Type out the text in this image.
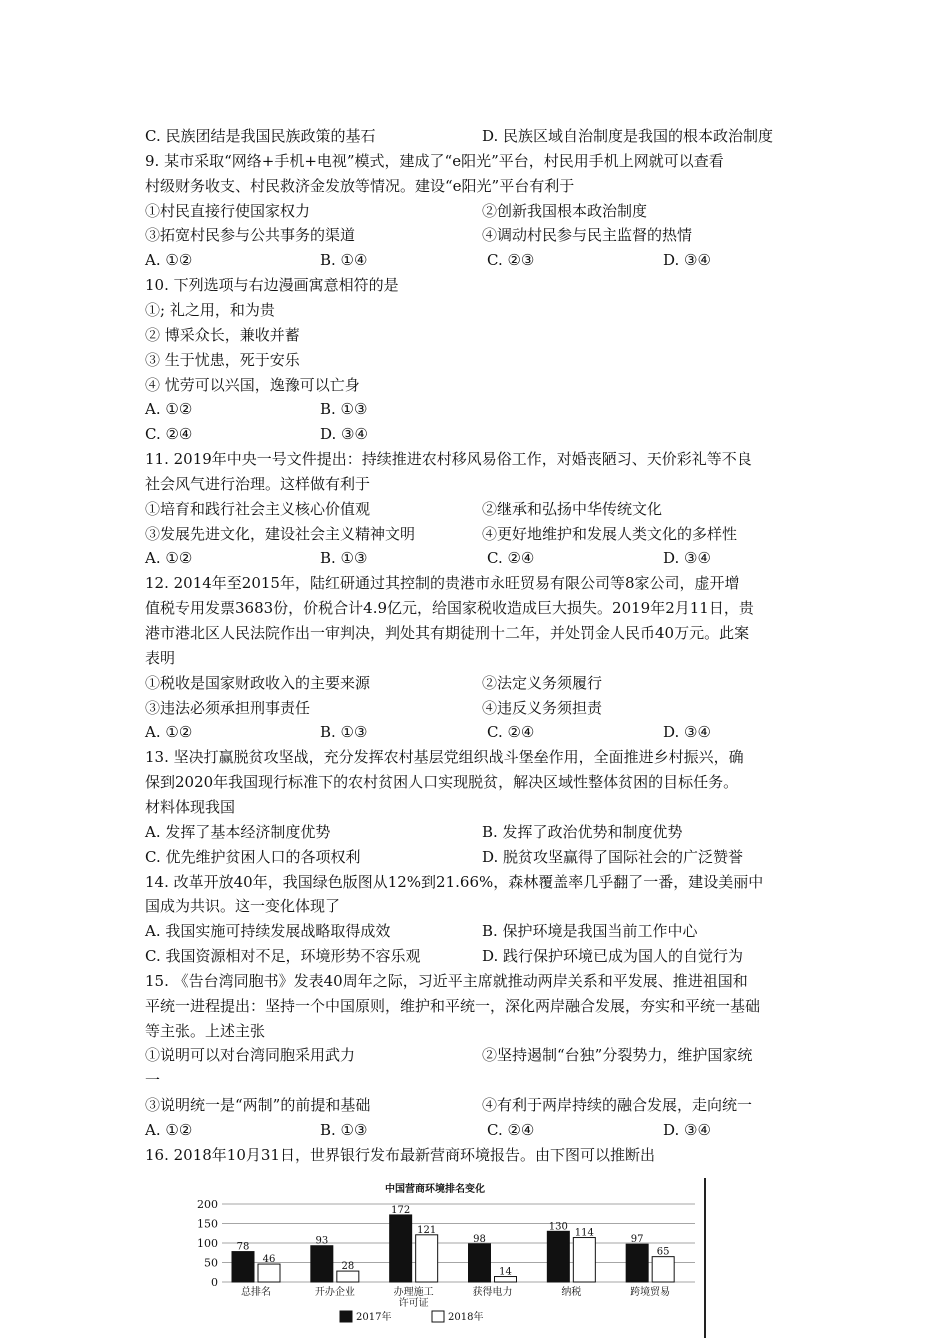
C. 民族团结是我国民族政策的基石	D. 民族区域自治制度是我国的根本政治制度
9. 某市采取“网络+手机+电视”模式，建成了“e阳光”平台，村民用手机上网就可以查看
村级财务收支、村民救济金发放等情况。建设“e阳光”平台有利于
①村民直接行使国家权力	②创新我国根本政治制度
③拓宽村民参与公共事务的渠道	④调动村民参与民主监督的热情
A. ①②	B. ①④	C. ②③	D. ③④
10. 下列选项与右边漫画寓意相符的是
①; 礼之用，和为贵
② 博采众长，兼收并蓄
③ 生于忧患，死于安乐
④ 忧劳可以兴国，逸豫可以亡身
A. ①②	B. ①③
C. ②④	D. ③④
11. 2019年中央一号文件提出：持续推进农村移风易俗工作，对婚丧陋习、天价彩礼等不良
社会风气进行治理。这样做有利于
①培育和践行社会主义核心价值观	②继承和弘扬中华传统文化
③发展先进文化，建设社会主义精神文明	④更好地维护和发展人类文化的多样性
A. ①②	B. ①③	C. ②④	D. ③④
12. 2014年至2015年，陆红研通过其控制的贵港市永旺贸易有限公司等8家公司，虚开增
值税专用发票3683份，价税合计4.9亿元，给国家税收造成巨大损失。2019年2月11日，贵
港市港北区人民法院作出一审判决，判处其有期徒刑十二年，并处罚金人民币40万元。此案
表明
①税收是国家财政收入的主要来源	②法定义务须履行
③违法必须承担刑事责任	④违反义务须担责
A. ①②	B. ①③	C. ②④	D. ③④
13. 坚决打赢脱贫攻坚战，充分发挥农村基层党组织战斗堡垒作用，全面推进乡村振兴，确
保到2020年我国现行标准下的农村贫困人口实现脱贫，解决区域性整体贫困的目标任务。
材料体现我国
A. 发挥了基本经济制度优势	B. 发挥了政治优势和制度优势
C. 优先维护贫困人口的各项权利	D. 脱贫攻坚赢得了国际社会的广泛赞誉
14. 改革开放40年，我国绿色版图从12%到21.66%，森林覆盖率几乎翻了一番，建设美丽中
国成为共识。这一变化体现了
A. 我国实施可持续发展战略取得成效	B. 保护环境是我国当前工作中心
C. 我国资源相对不足，环境形势不容乐观	D. 践行保护环境已成为国人的自觉行为
15. 《告台湾同胞书》发表40周年之际，习近平主席就推动两岸关系和平发展、推进祖国和
平统一进程提出：坚持一个中国原则，维护和平统一，深化两岸融合发展，夯实和平统一基础
等主张。上述主张
①说明可以对台湾同胞采用武力	②坚持遏制“台独”分裂势力，维护国家统
一
③说明统一是“两制”的前提和基础	④有利于两岸持续的融合发展，走向统一
A. ①②	B. ①③	C. ②④	D. ③④
16. 2018年10月31日，世界银行发布最新营商环境报告。由下图可以推断出
中国营商环境排名变化
0
50
100
150
200
78
46
总排名
93
28
开办企业
172
121
办理施工
许可证
98
14
获得电力
130
114
纳税
97
65
跨境贸易
2017年	2018年
